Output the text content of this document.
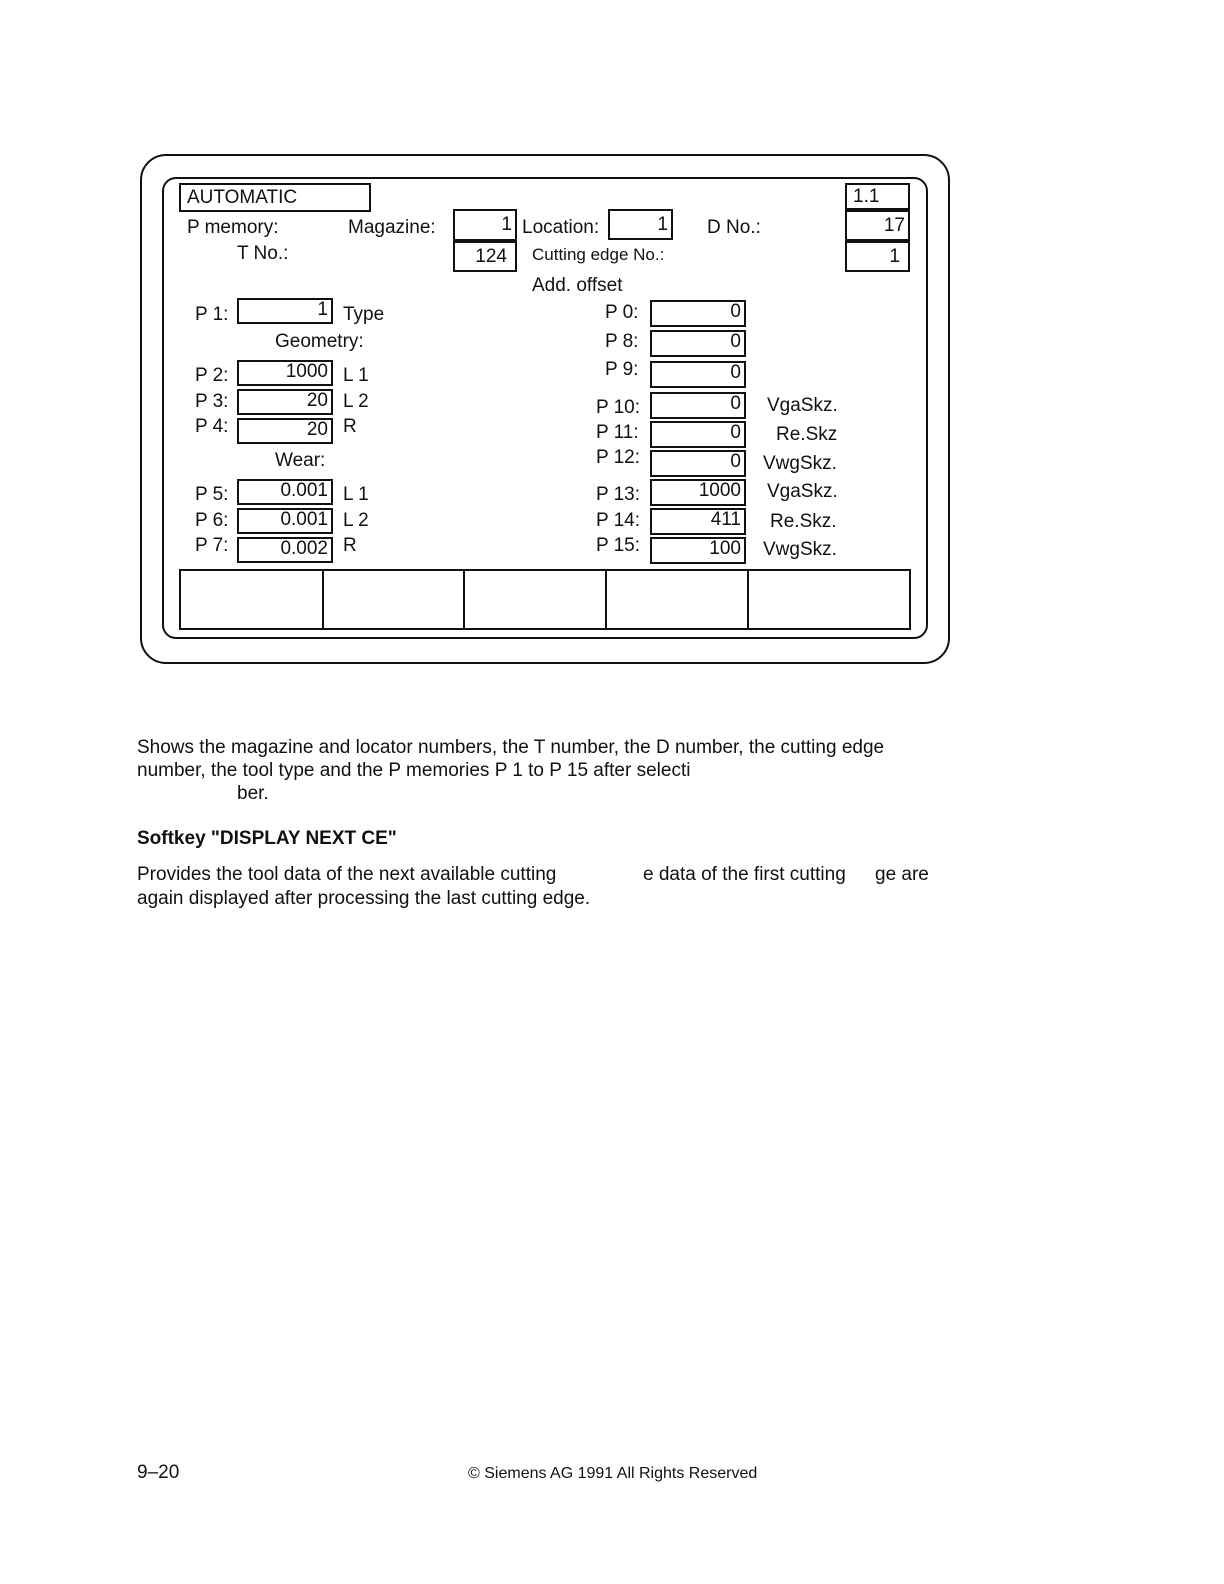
AUTOMATIC	1.1
P memory:	Magazine:	1 Location:	1 D No.:	17
T No.:	124	Cutting edge No.:	1
Add. offset
P 1:	1 Type
Geometry:
P 2:	1000 L 1
P 3:	20 L 2
P 4:	20 R
Wear:
P 5:	0.001 L 1
P 6:	0.001 L 2
P 7:	0.002 R
P 0:	0
P 8:	0
P 9:	0
P 10:	0 VgaSkz.
P 11:	0 Re.Skz
P 12:	0 VwgSkz.
P 13:	1000 VgaSkz.
P 14:	411 Re.Skz.
P 15:	100 VwgSkz.
Shows the magazine and locator numbers, the T number, the D number, the cutting edge
number, the tool type and the P memories P 1 to P 15 after selecti
ber.
Softkey "DISPLAY NEXT CE"
Provides the tool data of the next available cutting	e data of the first cutting ge are
again displayed after processing the last cutting edge.
9–20	© Siemens AG 1991 All Rights Reserved
